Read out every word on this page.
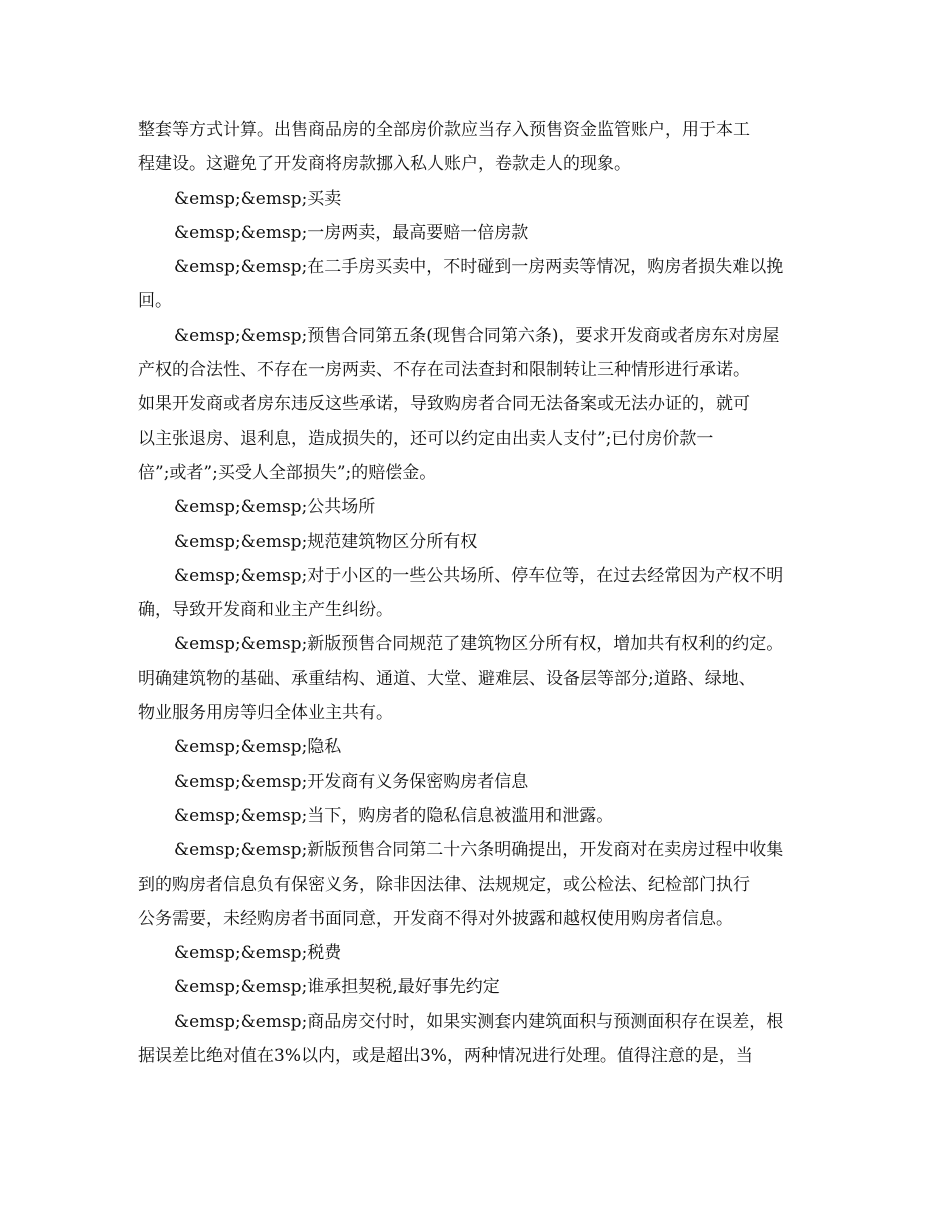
整套等方式计算。出售商品房的全部房价款应当存入预售资金监管账户，用于本工
程建设。这避免了开发商将房款挪入私人账户，卷款走人的现象。

&emsp;&emsp;买卖

&emsp;&emsp;一房两卖，最高要赔一倍房款

&emsp;&emsp;在二手房买卖中，不时碰到一房两卖等情况，购房者损失难以挽
回。

&emsp;&emsp;预售合同第五条(现售合同第六条)，要求开发商或者房东对房屋
产权的合法性、不存在一房两卖、不存在司法查封和限制转让三种情形进行承诺。
如果开发商或者房东违反这些承诺，导致购房者合同无法备案或无法办证的，就可
以主张退房、退利息，造成损失的，还可以约定由出卖人支付”;已付房价款一
倍”;或者”;买受人全部损失”;的赔偿金。

&emsp;&emsp;公共场所

&emsp;&emsp;规范建筑物区分所有权

&emsp;&emsp;对于小区的一些公共场所、停车位等，在过去经常因为产权不明
确，导致开发商和业主产生纠纷。

&emsp;&emsp;新版预售合同规范了建筑物区分所有权，增加共有权利的约定。
明确建筑物的基础、承重结构、通道、大堂、避难层、设备层等部分;道路、绿地、
物业服务用房等归全体业主共有。

&emsp;&emsp;隐私

&emsp;&emsp;开发商有义务保密购房者信息

&emsp;&emsp;当下，购房者的隐私信息被滥用和泄露。

&emsp;&emsp;新版预售合同第二十六条明确提出，开发商对在卖房过程中收集
到的购房者信息负有保密义务，除非因法律、法规规定，或公检法、纪检部门执行
公务需要，未经购房者书面同意，开发商不得对外披露和越权使用购房者信息。

&emsp;&emsp;税费

&emsp;&emsp;谁承担契税,最好事先约定

&emsp;&emsp;商品房交付时，如果实测套内建筑面积与预测面积存在误差，根
据误差比绝对值在3%以内，或是超出3%，两种情况进行处理。值得注意的是，当
